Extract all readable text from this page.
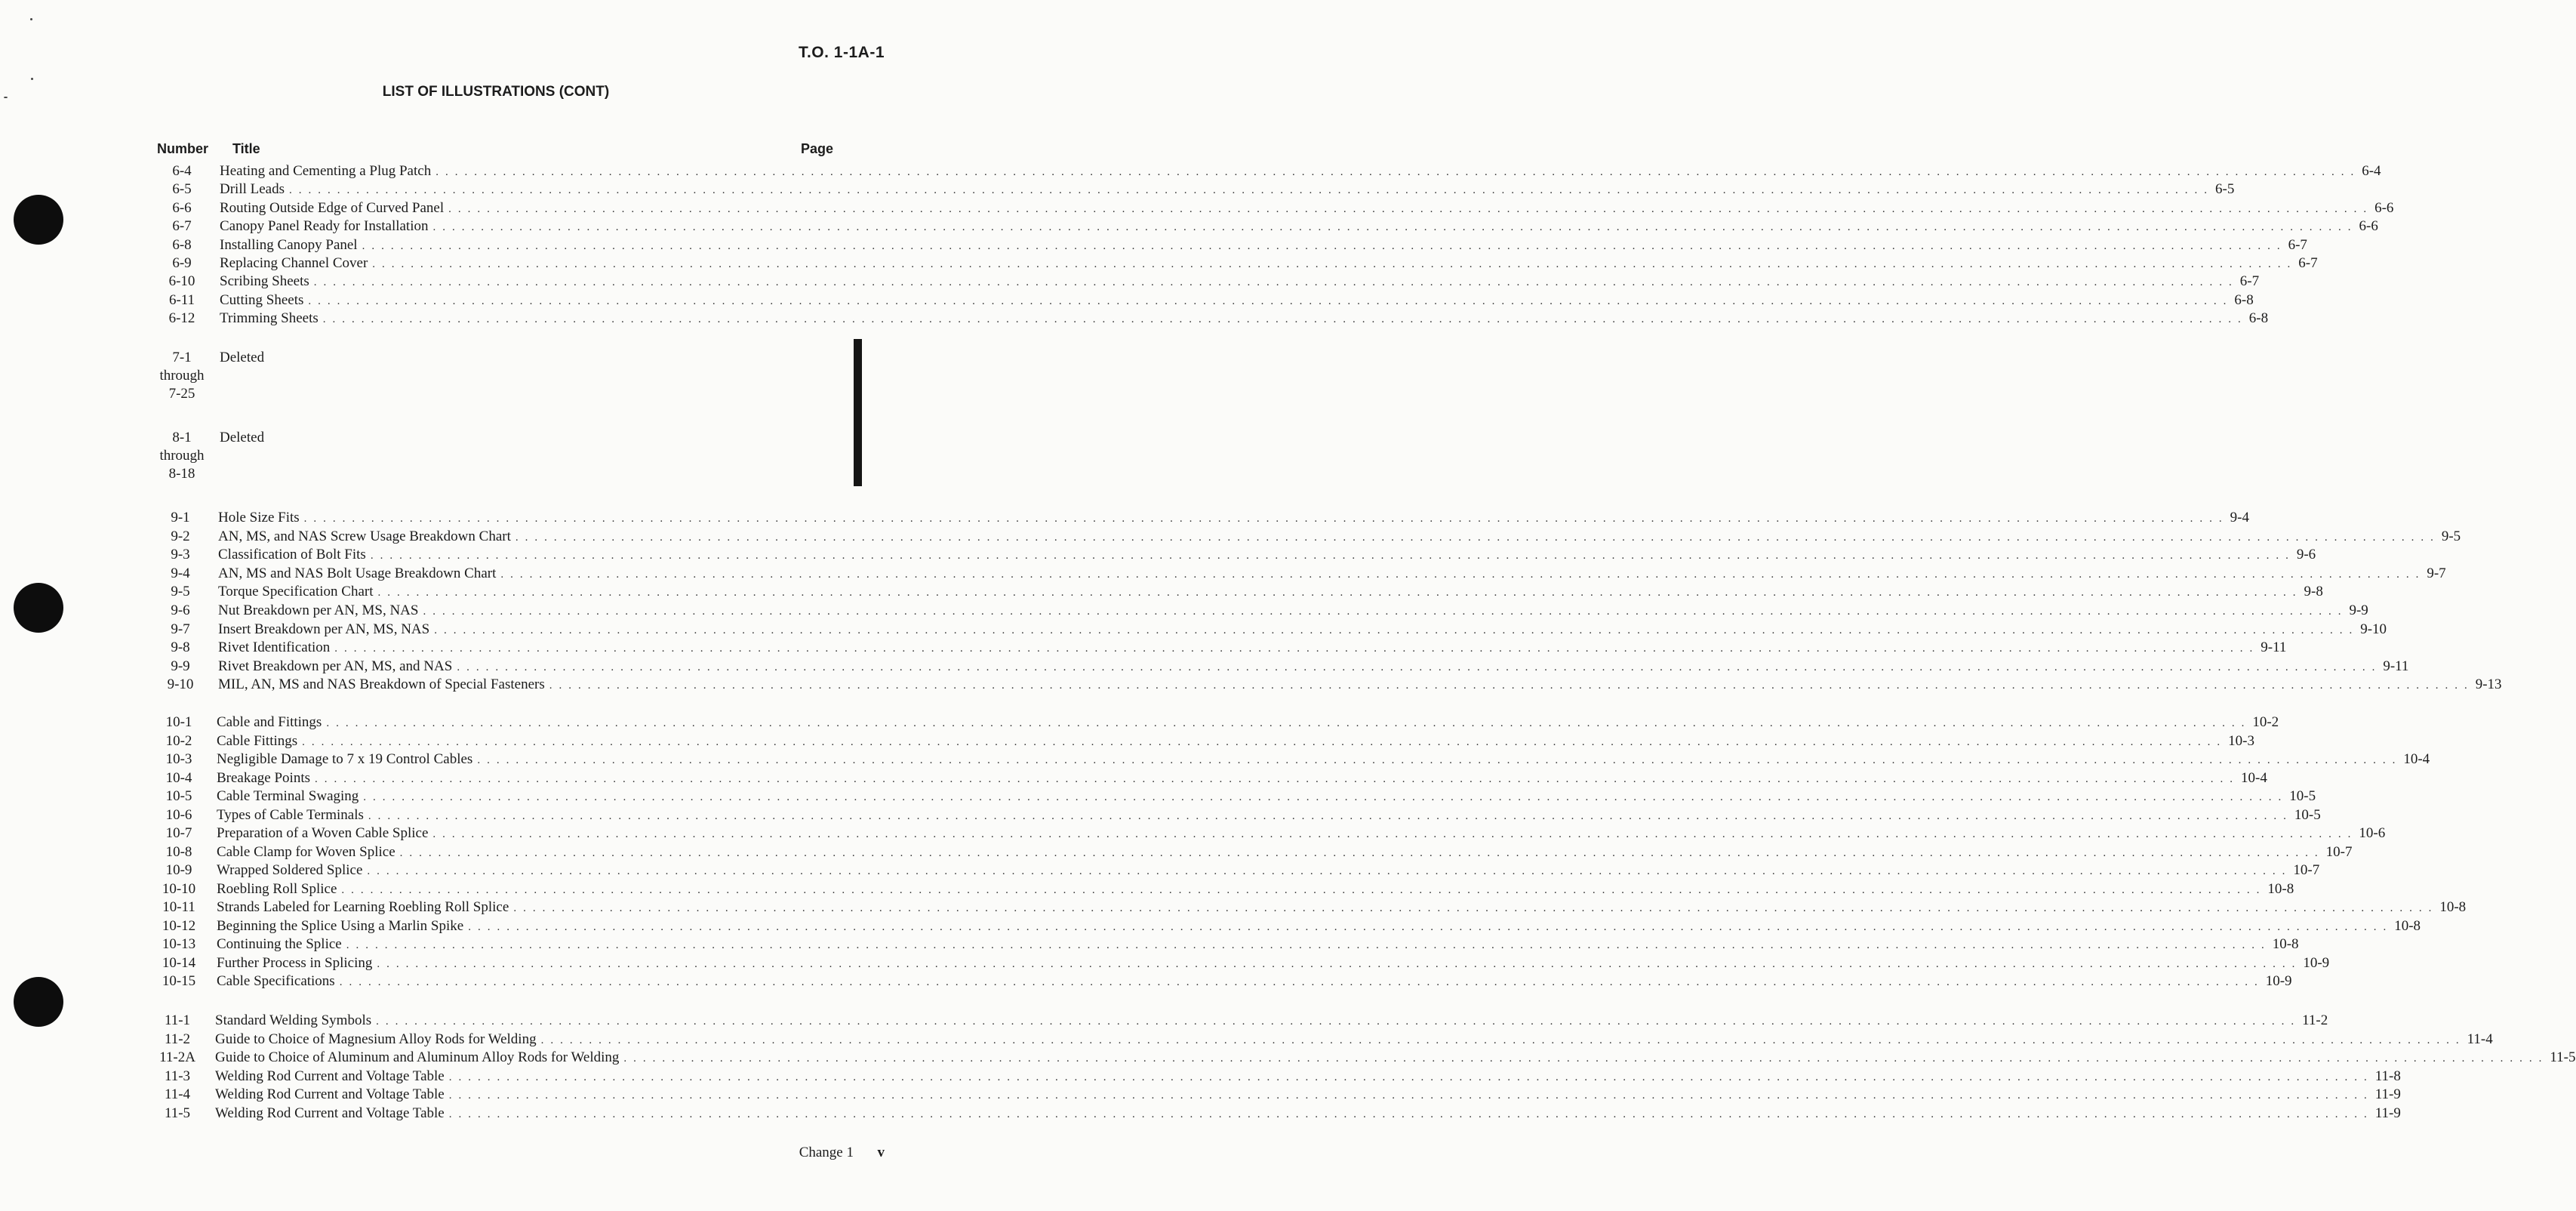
T.O. 1-1A-1
LIST OF ILLUSTRATIONS (CONT)
Number Title	Page
6-4	Heating and Cementing a Plug Patch ........................................................................................................................................................................................................ 6-4
6-5	Drill Leads ........................................................................................................................................................................................................ 6-5
6-6	Routing Outside Edge of Curved Panel ........................................................................................................................................................................................................ 6-6
6-7	Canopy Panel Ready for Installation ........................................................................................................................................................................................................ 6-6
6-8	Installing Canopy Panel ........................................................................................................................................................................................................ 6-7
6-9	Replacing Channel Cover ........................................................................................................................................................................................................ 6-7
6-10	Scribing Sheets ........................................................................................................................................................................................................ 6-7
6-11	Cutting Sheets ........................................................................................................................................................................................................ 6-8
6-12	Trimming Sheets ........................................................................................................................................................................................................ 6-8
9-1	Hole Size Fits ........................................................................................................................................................................................................ 9-4
9-2	AN, MS, and NAS Screw Usage Breakdown Chart ........................................................................................................................................................................................................ 9-5
9-3	Classification of Bolt Fits ........................................................................................................................................................................................................ 9-6
9-4	AN, MS and NAS Bolt Usage Breakdown Chart ........................................................................................................................................................................................................ 9-7
9-5	Torque Specification Chart ........................................................................................................................................................................................................ 9-8
9-6	Nut Breakdown per AN, MS, NAS ........................................................................................................................................................................................................ 9-9
9-7	Insert Breakdown per AN, MS, NAS ........................................................................................................................................................................................................ 9-10
9-8	Rivet Identification ........................................................................................................................................................................................................ 9-11
9-9	Rivet Breakdown per AN, MS, and NAS ........................................................................................................................................................................................................ 9-11
9-10	MIL, AN, MS and NAS Breakdown of Special Fasteners ........................................................................................................................................................................................................ 9-13
10-1	Cable and Fittings ........................................................................................................................................................................................................ 10-2
10-2	Cable Fittings ........................................................................................................................................................................................................ 10-3
10-3	Negligible Damage to 7 x 19 Control Cables ........................................................................................................................................................................................................ 10-4
10-4	Breakage Points ........................................................................................................................................................................................................ 10-4
10-5	Cable Terminal Swaging ........................................................................................................................................................................................................ 10-5
10-6	Types of Cable Terminals ........................................................................................................................................................................................................ 10-5
10-7	Preparation of a Woven Cable Splice ........................................................................................................................................................................................................ 10-6
10-8	Cable Clamp for Woven Splice ........................................................................................................................................................................................................ 10-7
10-9	Wrapped Soldered Splice ........................................................................................................................................................................................................ 10-7
10-10	Roebling Roll Splice ........................................................................................................................................................................................................ 10-8
10-11	Strands Labeled for Learning Roebling Roll Splice ........................................................................................................................................................................................................ 10-8
10-12	Beginning the Splice Using a Marlin Spike ........................................................................................................................................................................................................ 10-8
10-13	Continuing the Splice ........................................................................................................................................................................................................ 10-8
10-14	Further Process in Splicing ........................................................................................................................................................................................................ 10-9
10-15	Cable Specifications ........................................................................................................................................................................................................ 10-9
11-1	Standard Welding Symbols ........................................................................................................................................................................................................ 11-2
11-2	Guide to Choice of Magnesium Alloy Rods for Welding ........................................................................................................................................................................................................ 11-4
11-2A	Guide to Choice of Aluminum and Aluminum Alloy Rods for Welding ........................................................................................................................................................................................................ 11-5
11-3	Welding Rod Current and Voltage Table ........................................................................................................................................................................................................ 11-8
11-4	Welding Rod Current and Voltage Table ........................................................................................................................................................................................................ 11-9
11-5	Welding Rod Current and Voltage Table ........................................................................................................................................................................................................ 11-9
7-1	Deleted
through
7-25
8-1	Deleted
through
8-18
Change 1 v
